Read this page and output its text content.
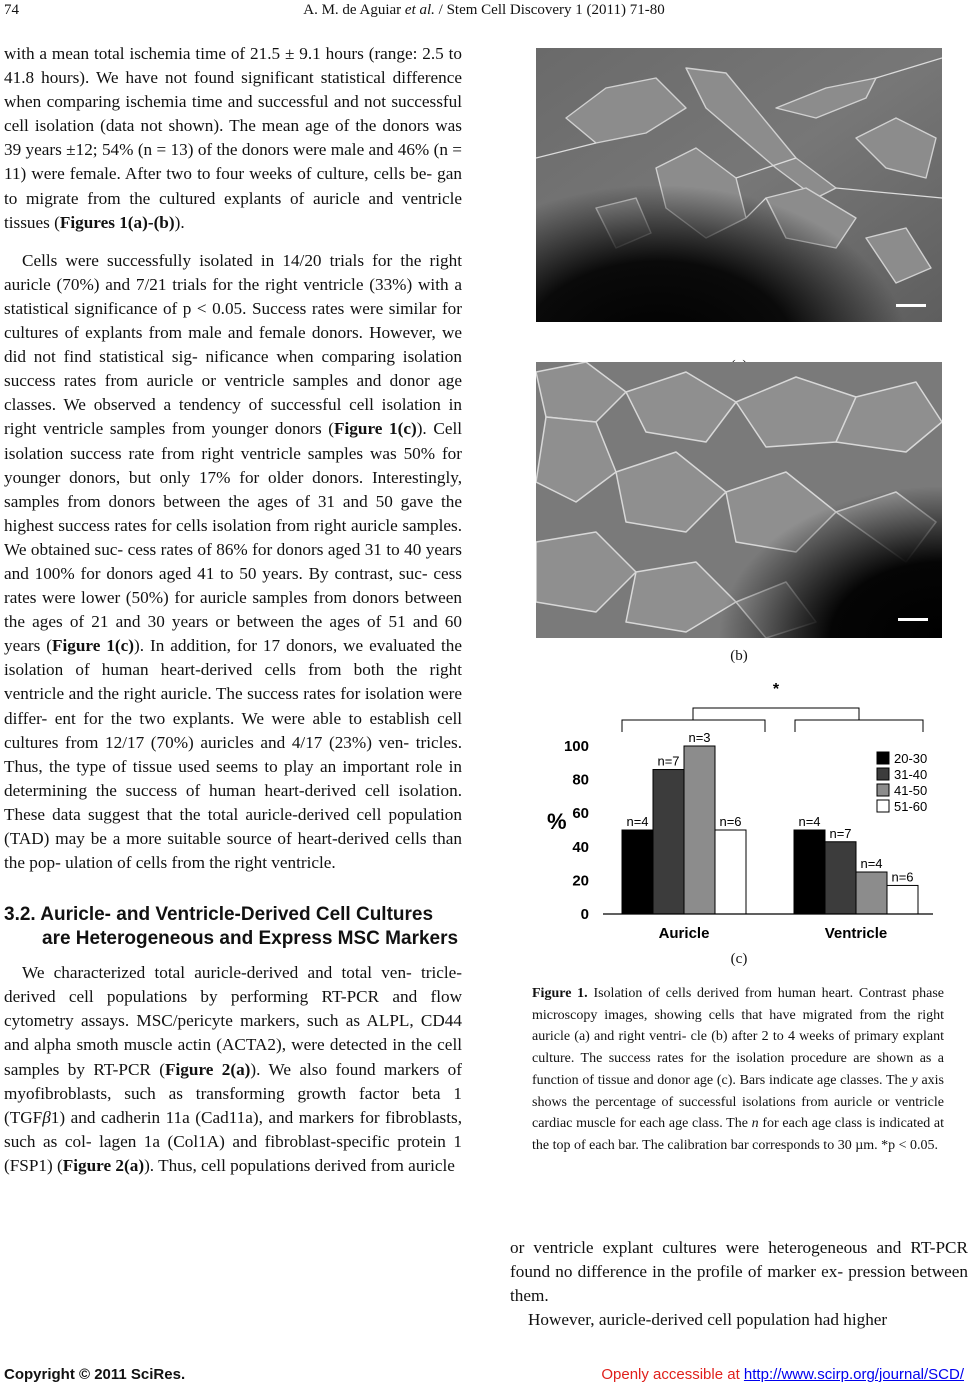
74	A. M. de Aguiar et al. / Stem Cell Discovery 1 (2011) 71-80

with a mean total ischemia time of 21.5 ± 9.1 hours (range: 2.5 to 41.8 hours). We have not found significant statistical difference when comparing ischemia time and successful and not successful cell isolation (data not shown). The mean age of the donors was 39 years ±12; 54% (n = 13) of the donors were male and 46% (n = 11) were female. After two to four weeks of culture, cells be- gan to migrate from the cultured explants of auricle and ventricle tissues (Figures 1(a)-(b)).

Cells were successfully isolated in 14/20 trials for the right auricle (70%) and 7/21 trials for the right ventricle (33%) with a statistical significance of p < 0.05. Success rates were similar for cultures of explants from male and female donors. However, we did not find statistical sig- nificance when comparing isolation success rates from auricle or ventricle samples and donor age classes. We observed a tendency of successful cell isolation in right ventricle samples from younger donors (Figure 1(c)). Cell isolation success rate from right ventricle samples was 50% for younger donors, but only 17% for older donors. Interestingly, samples from donors between the ages of 31 and 50 gave the highest success rates for cells isolation from right auricle samples. We obtained suc- cess rates of 86% for donors aged 31 to 40 years and 100% for donors aged 41 to 50 years. By contrast, suc- cess rates were lower (50%) for auricle samples from donors between the ages of 21 and 30 years or between the ages of 51 and 60 years (Figure 1(c)). In addition, for 17 donors, we evaluated the isolation of human heart-derived cells from both the right ventricle and the right auricle. The success rates for isolation were differ- ent for the two explants. We were able to establish cell cultures from 12/17 (70%) auricles and 4/17 (23%) ven- tricles. Thus, the type of tissue used seems to play an important role in determining the success of human heart-derived cell isolation. These data suggest that the total auricle-derived cell population (TAD) may be a more suitable source of heart-derived cells than the pop- ulation of cells from the right ventricle.

3.2. Auricle- and Ventricle-Derived Cell Cultures are Heterogeneous and Express MSC Markers

We characterized total auricle-derived and total ven- tricle-derived cell populations by performing RT-PCR and flow cytometry assays. MSC/pericyte markers, such as ALPL, CD44 and alpha smoth muscle actin (ACTA2), were detected in the cell samples by RT-PCR (Figure 2(a)). We also found markers of myofibroblasts, such as transforming growth factor beta 1 (TGFβ1) and cadherin 11a (Cad11a), and markers for fibroblasts, such as col- lagen 1a (Col1A) and fibroblast-specific protein 1 (FSP1) (Figure 2(a)). Thus, cell populations derived from auricle

(b)
n=4
n=7
n=3
n=6	n=4
n=7
n=4
n=6
0
20
40
60
80
100
%
Auricle	Ventricle
*
20-30
31-40
41-50
51-60
(c)
Figure 1. Isolation of cells derived from human heart. Contrast phase microscopy images, showing cells that have migrated from the right auricle (a) and right ventri- cle (b) after 2 to 4 weeks of primary explant culture. The success rates for the isolation procedure are shown as a function of tissue and donor age (c). Bars indicate age classes. The y axis shows the percentage of successful isolations from auricle or ventricle cardiac muscle for each age class. The n for each age class is indicated at the top of each bar. The calibration bar corresponds to 30 µm. *p < 0.05.

or ventricle explant cultures were heterogeneous and RT-PCR found no difference in the profile of marker ex- pression between them.

However, auricle-derived cell population had higher

Copyright © 2011 SciRes.	Openly accessible at http://www.scirp.org/journal/SCD/
